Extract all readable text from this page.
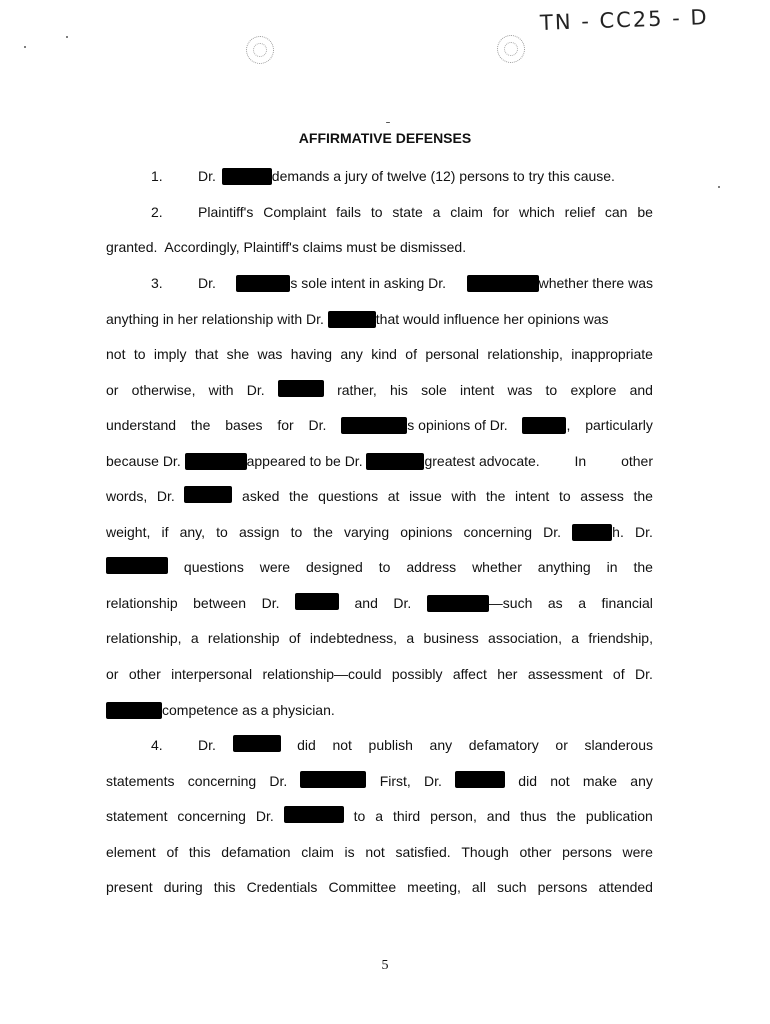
TN - CC25 - D
AFFIRMATIVE DEFENSES
1.	Dr.	demands a jury of twelve (12) persons to try this cause.
2.	Plaintiff's Complaint fails to state a claim for which relief can be
granted.  Accordingly, Plaintiff's claims must be dismissed.
3.	Dr.	s sole intent in asking Dr.	whether there was
anything in her relationship with Dr.	that would influence her opinions was
not to imply that she was having any kind of personal relationship, inappropriate
or otherwise, with Dr.	rather, his sole intent was to explore and
understand the bases for Dr.	s opinions of Dr.	, particularly
because Dr.	appeared to be Dr.	greatest advocate. In other
words, Dr.	asked the questions at issue with the intent to assess the
weight, if any, to assign to the varying opinions concerning Dr.	h. Dr.
questions were designed to address whether anything in the
relationship between Dr.	and Dr.	—such as a financial
relationship, a relationship of indebtedness, a business association, a friendship,
or other interpersonal relationship—could possibly affect her assessment of Dr.
competence as a physician.
4.	Dr.	did not publish any defamatory or slanderous
statements concerning Dr.	First, Dr.	did not make any
statement concerning Dr.	to a third person, and thus the publication
element of this defamation claim is not satisfied. Though other persons were
present during this Credentials Committee meeting, all such persons attended
5
